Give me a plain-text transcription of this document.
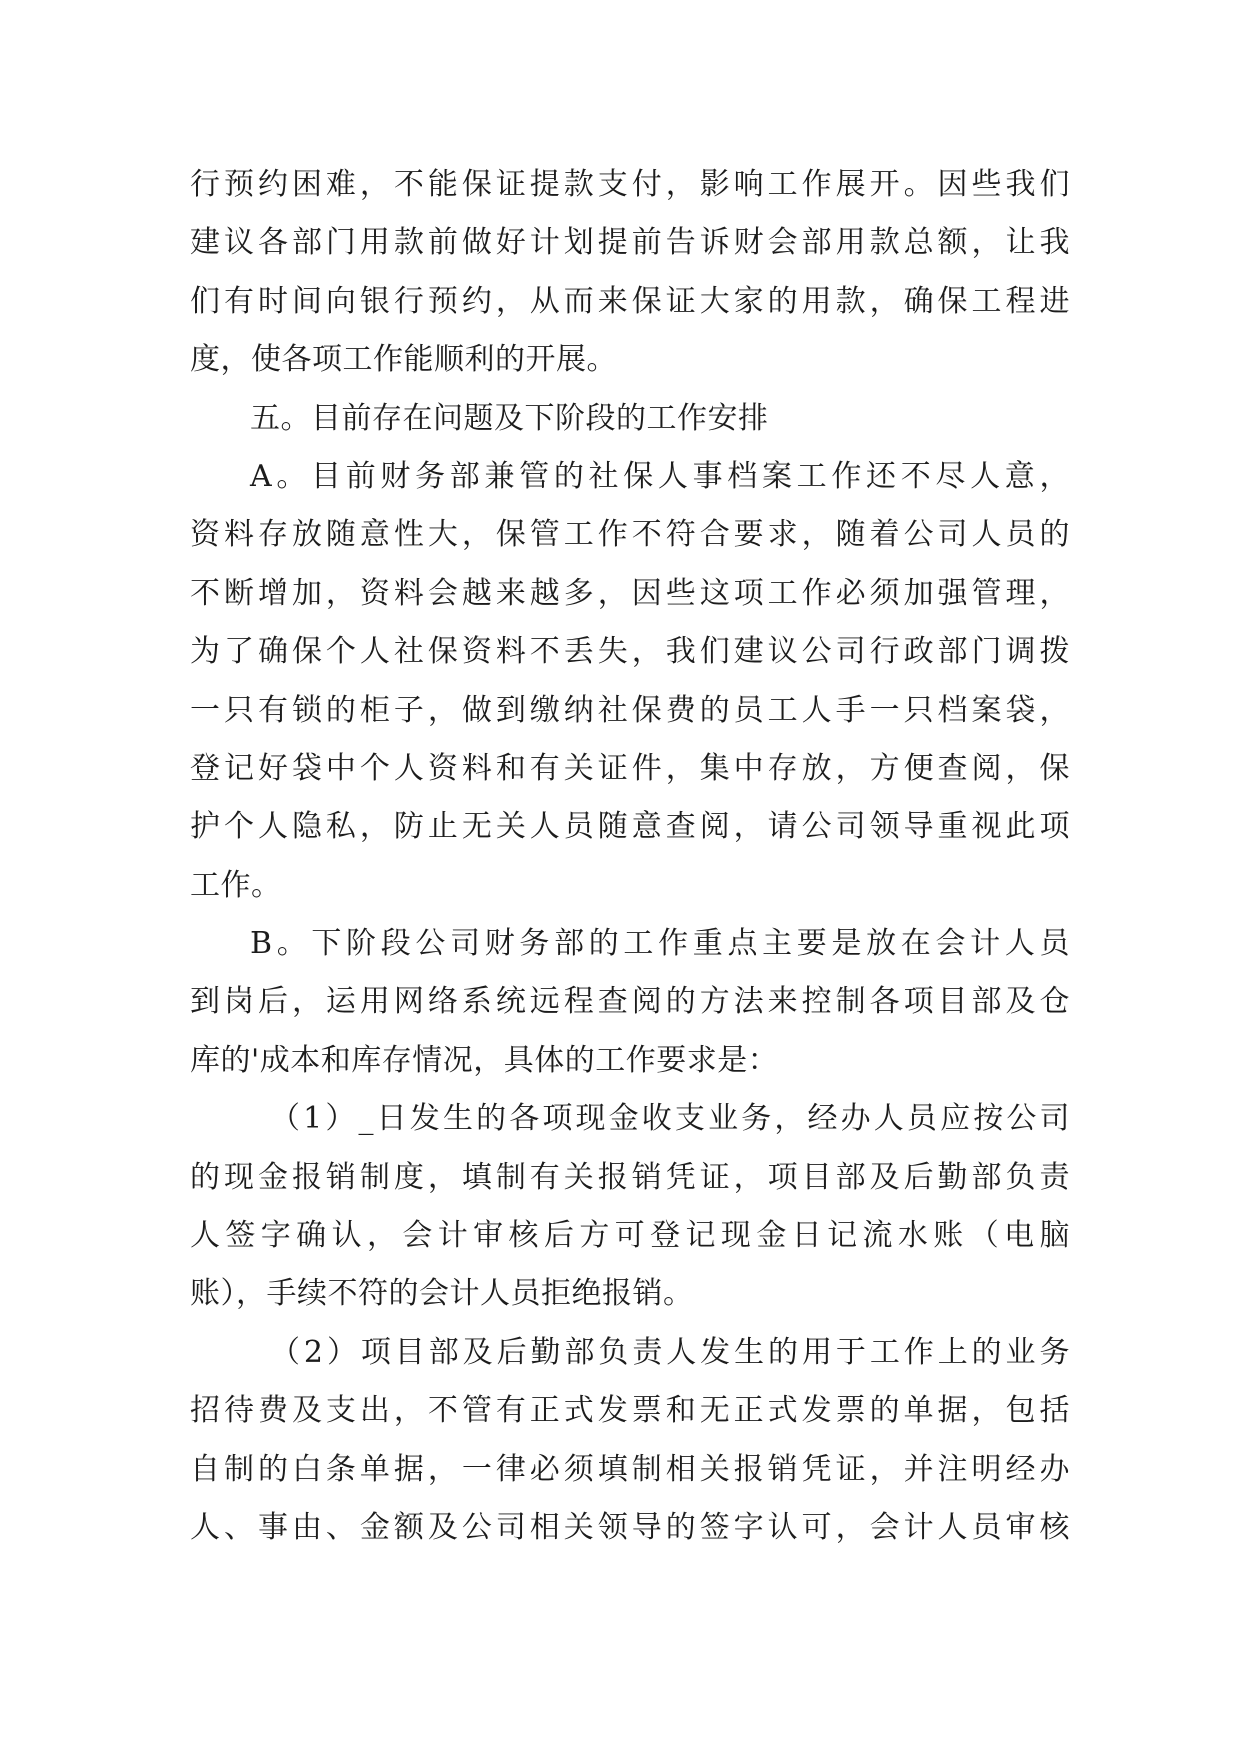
行预约困难，不能保证提款支付，影响工作展开。因些我们
建议各部门用款前做好计划提前告诉财会部用款总额，让我
们有时间向银行预约，从而来保证大家的用款，确保工程进
度，使各项工作能顺利的开展。
五。目前存在问题及下阶段的工作安排
A。目前财务部兼管的社保人事档案工作还不尽人意，
资料存放随意性大，保管工作不符合要求，随着公司人员的
不断增加，资料会越来越多，因些这项工作必须加强管理，
为了确保个人社保资料不丢失，我们建议公司行政部门调拨
一只有锁的柜子，做到缴纳社保费的员工人手一只档案袋，
登记好袋中个人资料和有关证件，集中存放，方便查阅，保
护个人隐私，防止无关人员随意查阅，请公司领导重视此项
工作。
B。下阶段公司财务部的工作重点主要是放在会计人员
到岗后，运用网络系统远程查阅的方法来控制各项目部及仓
库的'成本和库存情况，具体的工作要求是：
（1）_日发生的各项现金收支业务，经办人员应按公司
的现金报销制度，填制有关报销凭证，项目部及后勤部负责
人签字确认，会计审核后方可登记现金日记流水账（电脑
账），手续不符的会计人员拒绝报销。
（2）项目部及后勤部负责人发生的用于工作上的业务
招待费及支出，不管有正式发票和无正式发票的单据，包括
自制的白条单据，一律必须填制相关报销凭证，并注明经办
人、事由、金额及公司相关领导的签字认可，会计人员审核
